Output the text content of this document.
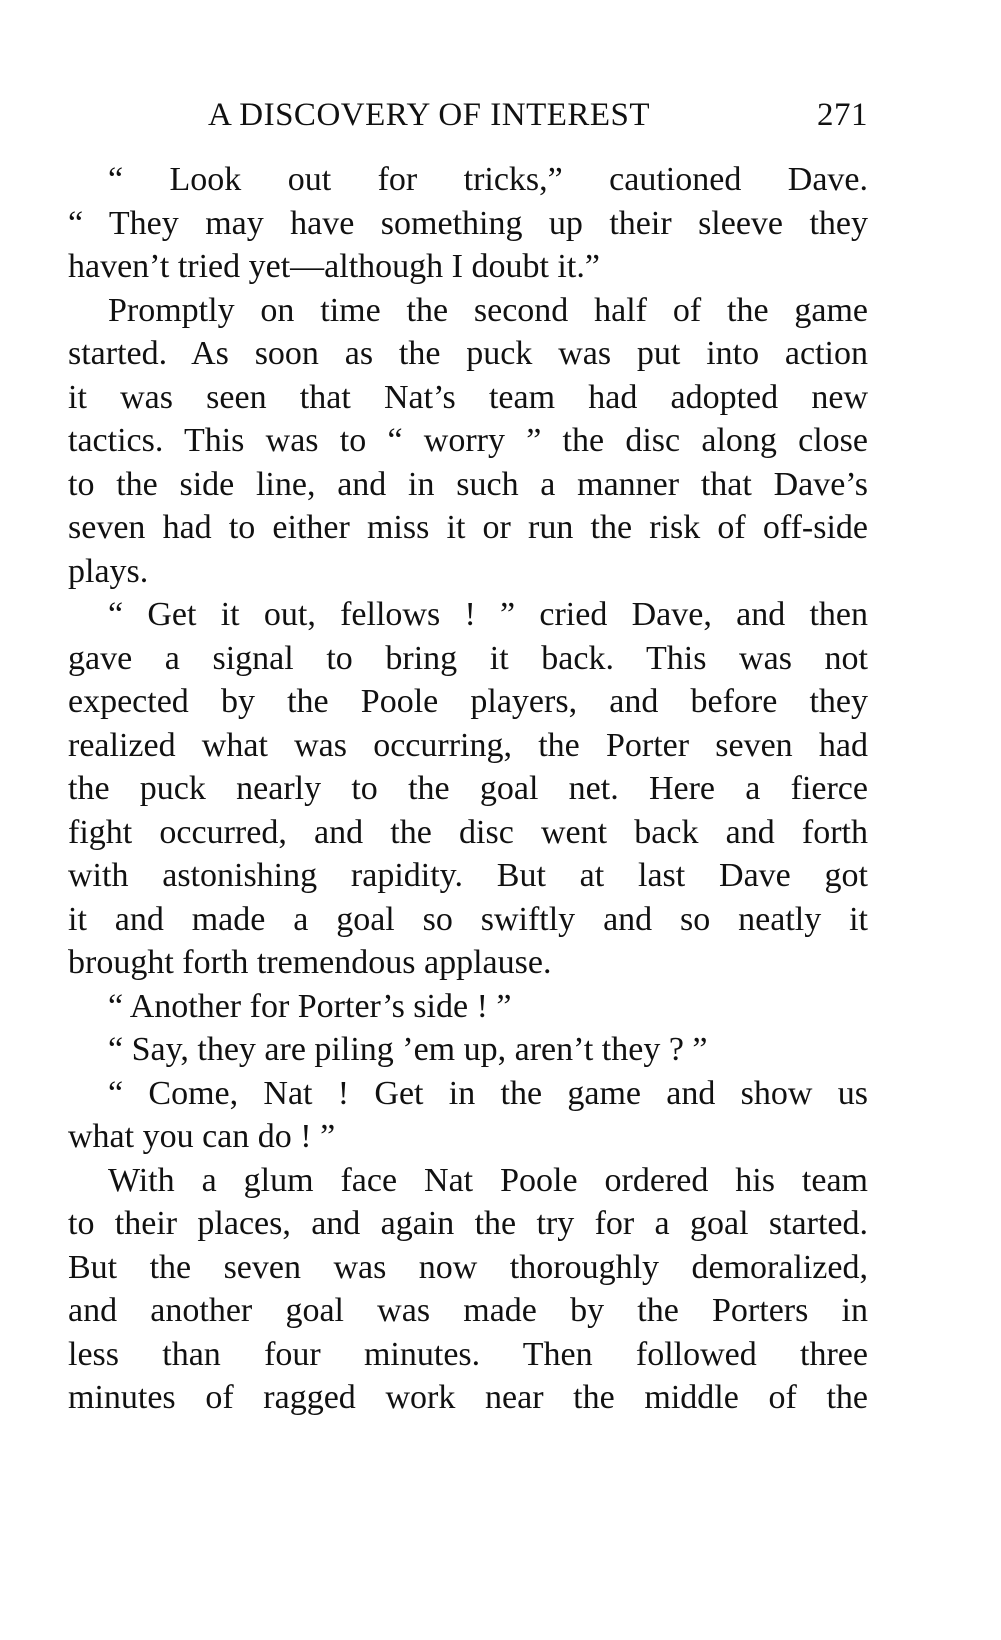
A DISCOVERY OF INTEREST	271
“ Look out for tricks,” cautioned Dave.
“ They may have something up their sleeve they
haven’t tried yet—although I doubt it.”
Promptly on time the second half of the game
started. As soon as the puck was put into action
it was seen that Nat’s team had adopted new
tactics. This was to “ worry ” the disc along close
to the side line, and in such a manner that Dave’s
seven had to either miss it or run the risk of off-side
plays.
“ Get it out, fellows ! ” cried Dave, and then
gave a signal to bring it back. This was not
expected by the Poole players, and before they
realized what was occurring, the Porter seven had
the puck nearly to the goal net. Here a fierce
fight occurred, and the disc went back and forth
with astonishing rapidity. But at last Dave got
it and made a goal so swiftly and so neatly it
brought forth tremendous applause.
“ Another for Porter’s side ! ”
“ Say, they are piling ’em up, aren’t they ? ”
“ Come, Nat ! Get in the game and show us
what you can do ! ”
With a glum face Nat Poole ordered his team
to their places, and again the try for a goal started.
But the seven was now thoroughly demoralized,
and another goal was made by the Porters in
less than four minutes. Then followed three
minutes of ragged work near the middle of the
